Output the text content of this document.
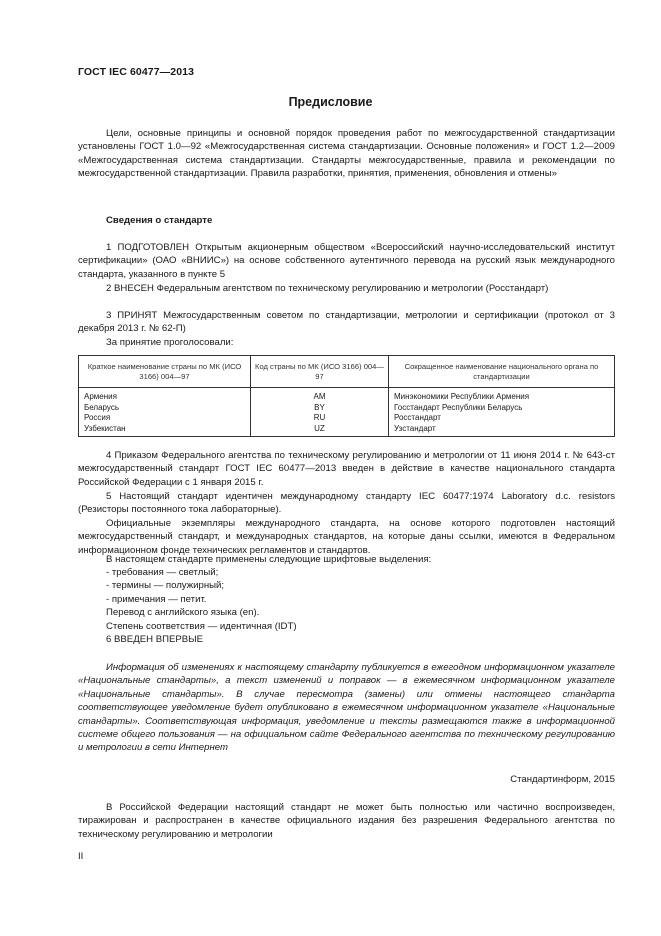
ГОСТ IEC 60477—2013
Предисловие

Цели, основные принципы и основной порядок проведения работ по межгосударственной стандартизации установлены ГОСТ 1.0—92 «Межгосударственная система стандартизации. Основные положения» и ГОСТ 1.2—2009 «Межгосударственная система стандартизации. Стандарты межгосударственные, правила и рекомендации по межгосударственной стандартизации. Правила разработки, принятия, применения, обновления и отмены»

Сведения о стандарте

1 ПОДГОТОВЛЕН Открытым акционерным обществом «Всероссийский научно-исследовательский институт сертификации» (ОАО «ВНИИС») на основе собственного аутентичного перевода на русский язык международного стандарта, указанного в пункте 5

2 ВНЕСЕН Федеральным агентством по техническому регулированию и метрологии (Росстандарт)

3 ПРИНЯТ Межгосударственным советом по стандартизации, метрологии и сертификации (протокол от 3 декабря 2013 г. № 62-П)

За принятие проголосовали:

Краткое наименование страны по МК (ИСО 3166) 004—97	Код страны по МК (ИСО 3166) 004—97	Сокращенное наименование национального органа по стандартизации
Армения	AM	Минэкономики Республики Армения
Беларусь	BY	Госстандарт Республики Беларусь
Россия	RU	Росстандарт
Узбекистан	UZ	Узстандарт

4 Приказом Федерального агентства по техническому регулированию и метрологии от 11 июня 2014 г. № 643-ст межгосударственный стандарт ГОСТ IEC 60477—2013 введен в действие в качестве национального стандарта Российской Федерации с 1 января 2015 г.

5 Настоящий стандарт идентичен международному стандарту IEC 60477:1974 Laboratory d.c. resistors (Резисторы постоянного тока лабораторные).

Официальные экземпляры международного стандарта, на основе которого подготовлен настоящий межгосударственный стандарт, и международных стандартов, на которые даны ссылки, имеются в Федеральном информационном фонде технических регламентов и стандартов.

В настоящем стандарте применены следующие шрифтовые выделения:

- требования — светлый;

- термины — полужирный;

- примечания — петит.

Перевод с английского языка (en).

Степень соответствия — идентичная (IDT)

6 ВВЕДЕН ВПЕРВЫЕ

Информация об изменениях к настоящему стандарту публикуется в ежегодном информационном указателе «Национальные стандарты», а текст изменений и поправок — в ежемесячном информационном указателе «Национальные стандарты». В случае пересмотра (замены) или отмены настоящего стандарта соответствующее уведомление будет опубликовано в ежемесячном информационном указателе «Национальные стандарты». Соответствующая информация, уведомление и тексты размещаются также в информационной системе общего пользования — на официальном сайте Федерального агентства по техническому регулированию и метрологии в сети Интернет

Стандартинформ, 2015

В Российской Федерации настоящий стандарт не может быть полностью или частично воспроизведен, тиражирован и распространен в качестве официального издания без разрешения Федерального агентства по техническому регулированию и метрологии

II
